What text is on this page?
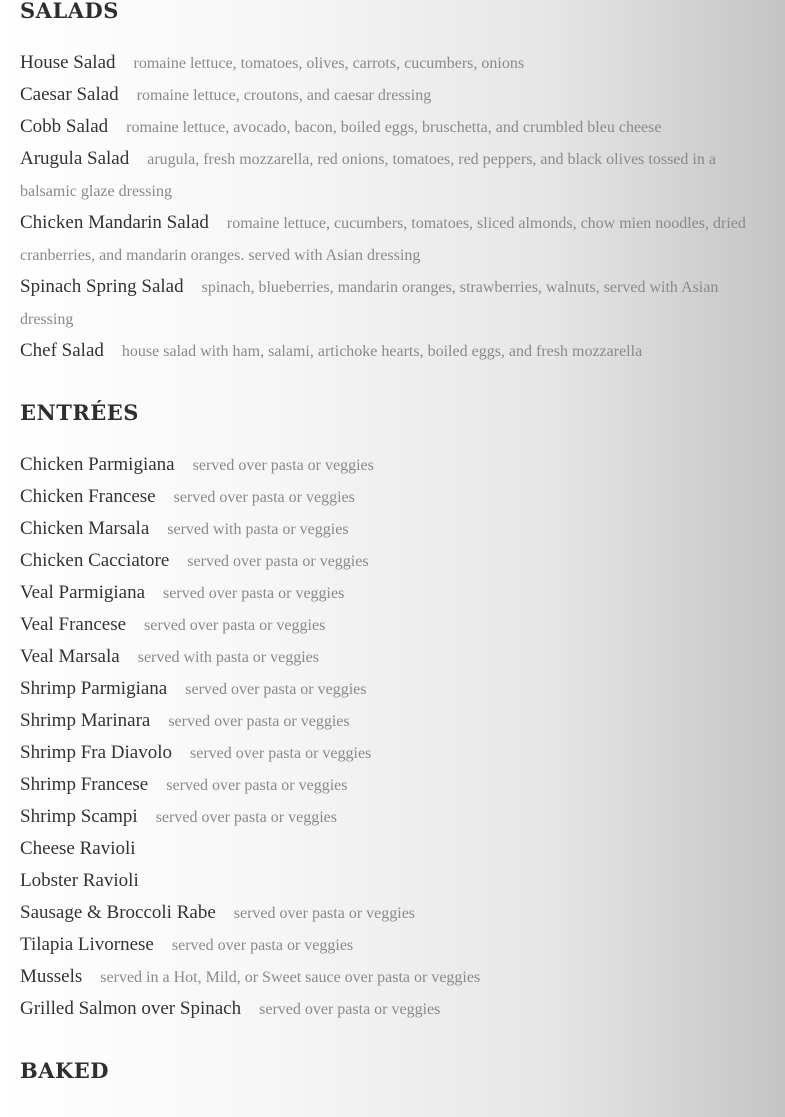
SALADS
House Salad romaine lettuce, tomatoes, olives, carrots, cucumbers, onions
Caesar Salad romaine lettuce, croutons, and caesar dressing
Cobb Salad romaine lettuce, avocado, bacon, boiled eggs, bruschetta, and crumbled bleu cheese
Arugula Salad arugula, fresh mozzarella, red onions, tomatoes, red peppers, and black olives tossed in a balsamic glaze dressing
Chicken Mandarin Salad romaine lettuce, cucumbers, tomatoes, sliced almonds, chow mien noodles, dried cranberries, and mandarin oranges. served with Asian dressing
Spinach Spring Salad spinach, blueberries, mandarin oranges, strawberries, walnuts, served with Asian dressing
Chef Salad house salad with ham, salami, artichoke hearts, boiled eggs, and fresh mozzarella
ENTRÉES
Chicken Parmigiana served over pasta or veggies
Chicken Francese served over pasta or veggies
Chicken Marsala served with pasta or veggies
Chicken Cacciatore served over pasta or veggies
Veal Parmigiana served over pasta or veggies
Veal Francese served over pasta or veggies
Veal Marsala served with pasta or veggies
Shrimp Parmigiana served over pasta or veggies
Shrimp Marinara served over pasta or veggies
Shrimp Fra Diavolo served over pasta or veggies
Shrimp Francese served over pasta or veggies
Shrimp Scampi served over pasta or veggies
Cheese Ravioli
Lobster Ravioli
Sausage & Broccoli Rabe served over pasta or veggies
Tilapia Livornese served over pasta or veggies
Mussels served in a Hot, Mild, or Sweet sauce over pasta or veggies
Grilled Salmon over Spinach served over pasta or veggies
BAKED
